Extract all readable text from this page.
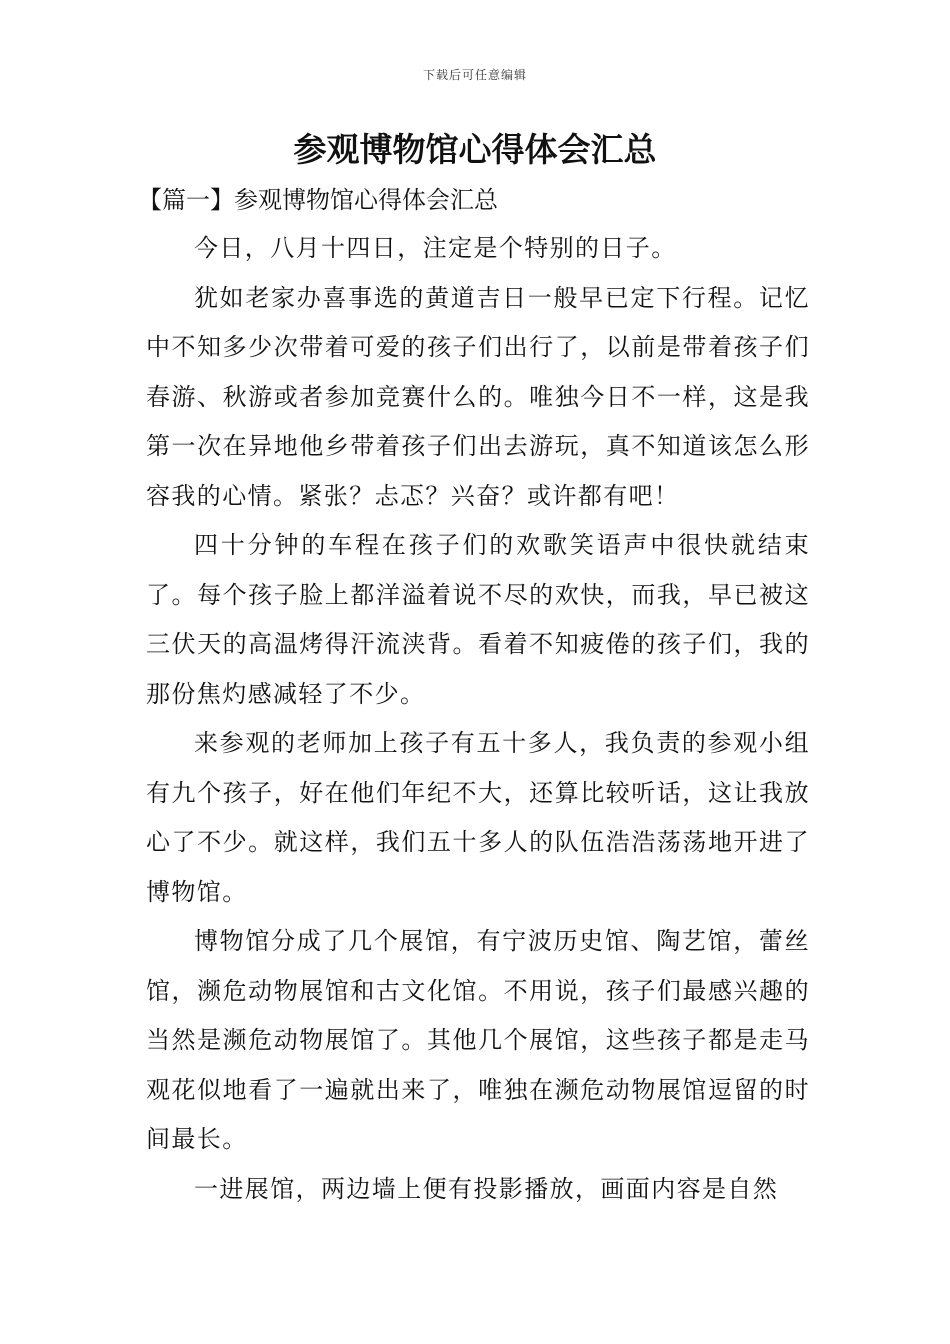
下载后可任意编辑
参观博物馆心得体会汇总

【篇一】参观博物馆心得体会汇总

今日，八月十四日，注定是个特别的日子。

犹如老家办喜事选的黄道吉日一般早已定下行程。记忆中不知多少次带着可爱的孩子们出行了，以前是带着孩子们春游、秋游或者参加竞赛什么的。唯独今日不一样，这是我第一次在异地他乡带着孩子们出去游玩，真不知道该怎么形容我的心情。紧张？忐忑？兴奋？或许都有吧！

四十分钟的车程在孩子们的欢歌笑语声中很快就结束了。每个孩子脸上都洋溢着说不尽的欢快，而我，早已被这三伏天的高温烤得汗流浃背。看着不知疲倦的孩子们，我的那份焦灼感减轻了不少。

来参观的老师加上孩子有五十多人，我负责的参观小组有九个孩子，好在他们年纪不大，还算比较听话，这让我放心了不少。就这样，我们五十多人的队伍浩浩荡荡地开进了博物馆。

博物馆分成了几个展馆，有宁波历史馆、陶艺馆，蕾丝馆，濒危动物展馆和古文化馆。不用说，孩子们最感兴趣的当然是濒危动物展馆了。其他几个展馆，这些孩子都是走马观花似地看了一遍就出来了，唯独在濒危动物展馆逗留的时间最长。

一进展馆，两边墙上便有投影播放，画面内容是自然
